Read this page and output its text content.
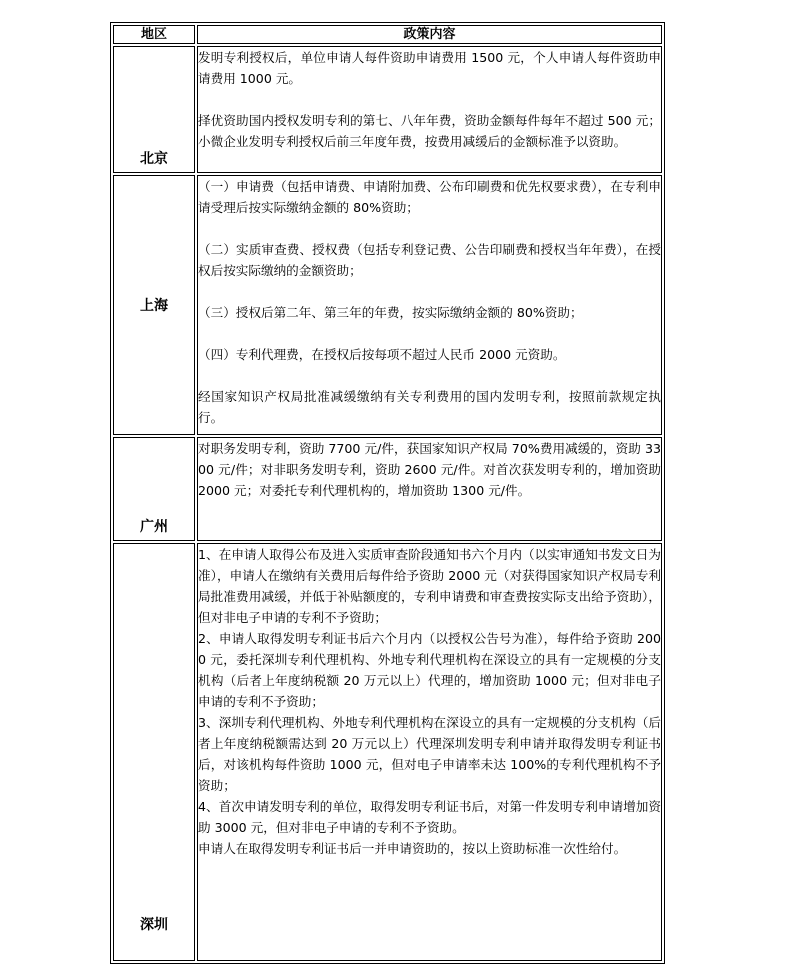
地区	政策内容
北京	发明专利授权后，单位申请人每件资助申请费用 1500 元，个人申请人每件资助申请费用 1000 元。

择优资助国内授权发明专利的第七、八年年费，资助金额每件每年不超过 500 元；小微企业发明专利授权后前三年度年费，按费用减缓后的金额标准予以资助。

上海	（一）申请费（包括申请费、申请附加费、公布印刷费和优先权要求费），在专利申请受理后按实际缴纳金额的 80%资助；

（二）实质审查费、授权费（包括专利登记费、公告印刷费和授权当年年费），在授权后按实际缴纳的金额资助；

（三）授权后第二年、第三年的年费，按实际缴纳金额的 80%资助；

（四）专利代理费，在授权后按每项不超过人民币 2000 元资助。

经国家知识产权局批准减缓缴纳有关专利费用的国内发明专利，按照前款规定执行。

广州	对职务发明专利，资助 7700 元/件，获国家知识产权局 70%费用减缓的，资助 3300 元/件；对非职务发明专利，资助 2600 元/件。对首次获发明专利的，增加资助 2000 元；对委托专利代理机构的，增加资助 1300 元/件。

深圳	1、在申请人取得公布及进入实质审查阶段通知书六个月内（以实审通知书发文日为准），申请人在缴纳有关费用后每件给予资助 2000 元（对获得国家知识产权局专利局批准费用减缓，并低于补贴额度的，专利申请费和审查费按实际支出给予资助），但对非电子申请的专利不予资助；

2、申请人取得发明专利证书后六个月内（以授权公告号为准），每件给予资助 2000 元，委托深圳专利代理机构、外地专利代理机构在深设立的具有一定规模的分支机构（后者上年度纳税额 20 万元以上）代理的，增加资助 1000 元；但对非电子申请的专利不予资助；

3、深圳专利代理机构、外地专利代理机构在深设立的具有一定规模的分支机构（后者上年度纳税额需达到 20 万元以上）代理深圳发明专利申请并取得发明专利证书后，对该机构每件资助 1000 元，但对电子申请率未达 100%的专利代理机构不予资助；

4、首次申请发明专利的单位，取得发明专利证书后，对第一件发明专利申请增加资助 3000 元，但对非电子申请的专利不予资助。

申请人在取得发明专利证书后一并申请资助的，按以上资助标准一次性给付。
